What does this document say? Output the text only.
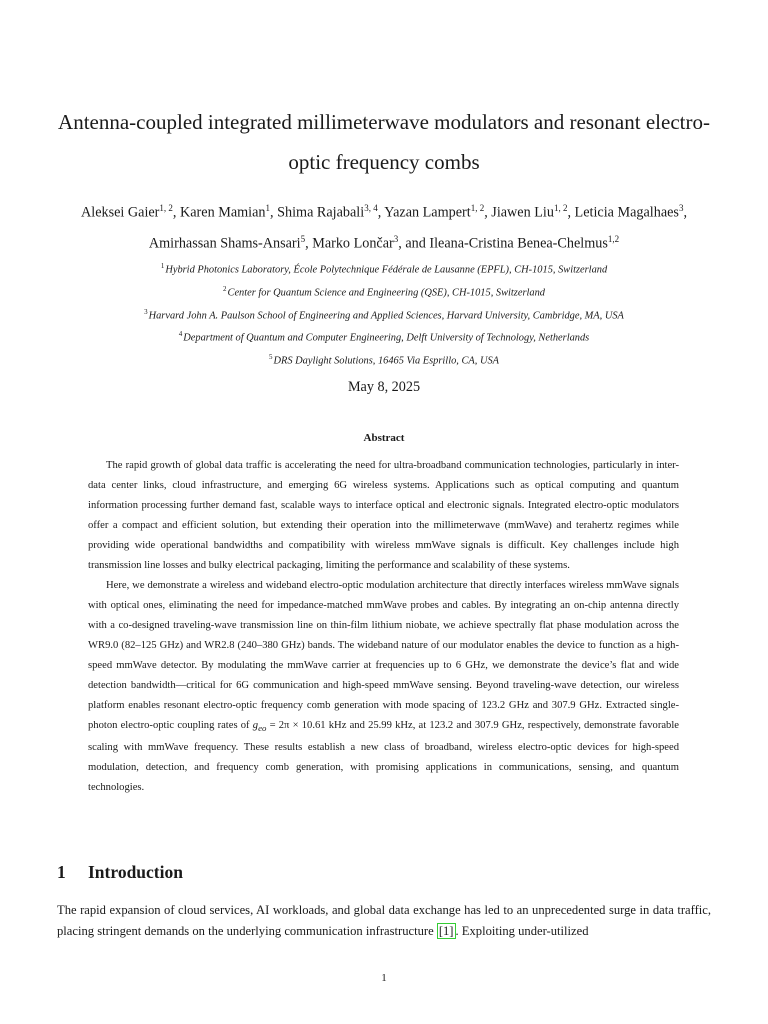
Antenna-coupled integrated millimeterwave modulators and resonant electro-optic frequency combs
Aleksei Gaier$^{1, 2}$, Karen Mamian$^1$, Shima Rajabali$^{3, 4}$, Yazan Lampert$^{1, 2}$, Jiawen Liu$^{1, 2}$, Leticia Magalhaes$^3$, Amirhassan Shams-Ansari$^5$, Marko Lončar$^3$, and Ileana-Cristina Benea-Chelmus$^{1,2}$
$^1$Hybrid Photonics Laboratory, École Polytechnique Fédérale de Lausanne (EPFL), CH-1015, Switzerland
$^2$Center for Quantum Science and Engineering (QSE), CH-1015, Switzerland
$^3$Harvard John A. Paulson School of Engineering and Applied Sciences, Harvard University, Cambridge, MA, USA
$^4$Department of Quantum and Computer Engineering, Delft University of Technology, Netherlands
$^5$DRS Daylight Solutions, 16465 Via Esprillo, CA, USA
May 8, 2025
Abstract

The rapid growth of global data traffic is accelerating the need for ultra-broadband communication technologies, particularly in inter-data center links, cloud infrastructure, and emerging 6G wireless systems. Applications such as optical computing and quantum information processing further demand fast, scalable ways to interface optical and electronic signals. Integrated electro-optic modulators offer a compact and efficient solution, but extending their operation into the millimeterwave (mmWave) and terahertz regimes while providing wide operational bandwidths and compatibility with wireless mmWave signals is difficult. Key challenges include high transmission line losses and bulky electrical packaging, limiting the performance and scalability of these systems.

Here, we demonstrate a wireless and wideband electro-optic modulation architecture that directly interfaces wireless mmWave signals with optical ones, eliminating the need for impedance-matched mmWave probes and cables. By integrating an on-chip antenna directly with a co-designed traveling-wave transmission line on thin-film lithium niobate, we achieve spectrally flat phase modulation across the WR9.0 (82–125 GHz) and WR2.8 (240–380 GHz) bands. The wideband nature of our modulator enables the device to function as a high-speed mmWave detector. By modulating the mmWave carrier at frequencies up to 6 GHz, we demonstrate the device’s flat and wide detection bandwidth—critical for 6G communication and high-speed mmWave sensing. Beyond traveling-wave detection, our wireless platform enables resonant electro-optic frequency comb generation with mode spacing of 123.2 GHz and 307.9 GHz. Extracted single-photon electro-optic coupling rates of $g_{eo} = 2\pi \times 10.61$ kHz and 25.99 kHz, at 123.2 and 307.9 GHz, respectively, demonstrate favorable scaling with mmWave frequency. These results establish a new class of broadband, wireless electro-optic devices for high-speed modulation, detection, and frequency comb generation, with promising applications in communications, sensing, and quantum technologies.

1 Introduction
The rapid expansion of cloud services, AI workloads, and global data exchange has led to an unprecedented surge in data traffic, placing stringent demands on the underlying communication infrastructure [1] . Exploiting under-utilized
1
